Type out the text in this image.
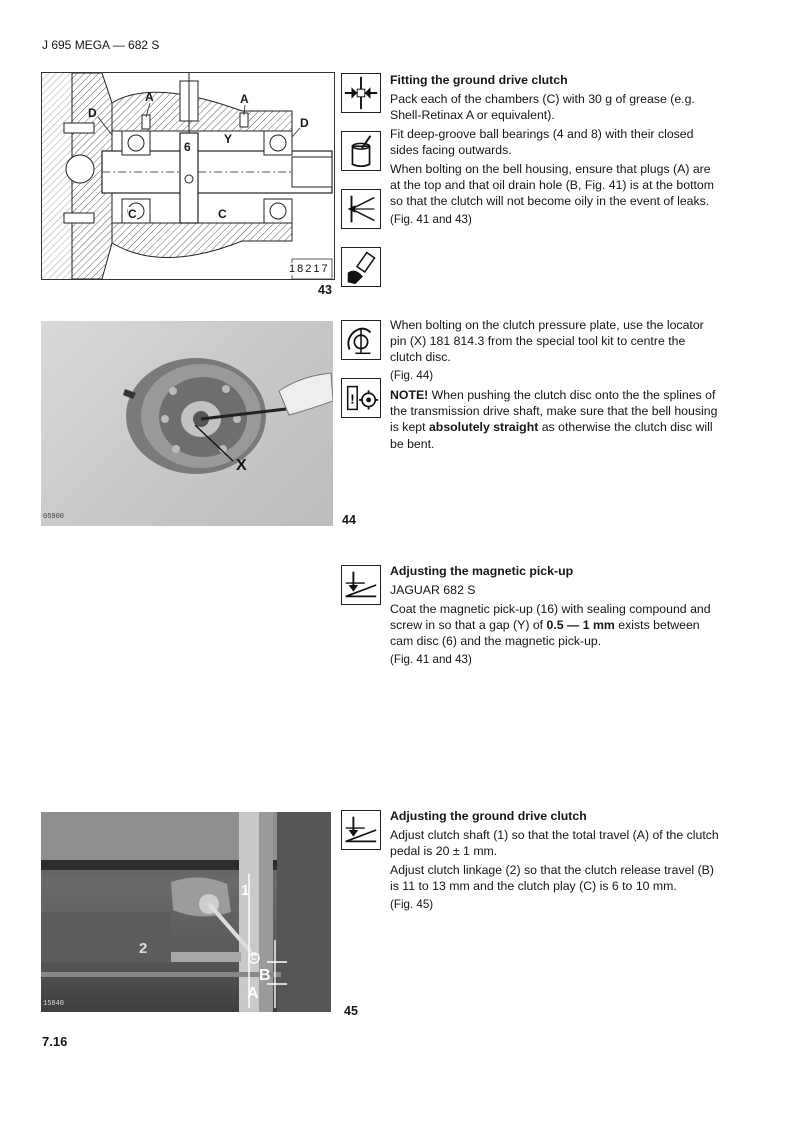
J 695 MEGA — 682 S
7.16
A	A
D
D
Y
6
C	C
18217
43

Fitting the ground drive clutch

Pack each of the chambers (C) with 30 g of grease (e.g. Shell-Retinax A or equivalent).

Fit deep-groove ball bearings (4 and 8) with their closed sides facing outwards.

When bolting on the bell housing, ensure that plugs (A) are at the top and that oil drain hole (B, Fig. 41) is at the bottom so that the clutch will not become oily in the event of leaks.

(Fig. 41 and 43)

X
05900	44
!

When bolting on the clutch pressure plate, use the locator pin (X) 181 814.3 from the special tool kit to centre the clutch disc.

(Fig. 44)

NOTE! When pushing the clutch disc onto the the splines of the transmission drive shaft, make sure that the bell housing is kept absolutely straight as otherwise the clutch disc will be bent.

Adjusting the magnetic pick-up

JAGUAR 682 S

Coat the magnetic pick-up (16) with sealing compound and screw in so that a gap (Y) of 0.5 — 1 mm exists between cam disc (6) and the magnetic pick-up.

(Fig. 41 and 43)

1
2
C
B
A
15840	45

Adjusting the ground drive clutch

Adjust clutch shaft (1) so that the total travel (A) of the clutch pedal is 20 ± 1 mm.

Adjust clutch linkage (2) so that the clutch release travel (B) is 11 to 13 mm and the clutch play (C) is 6 to 10 mm.

(Fig. 45)
